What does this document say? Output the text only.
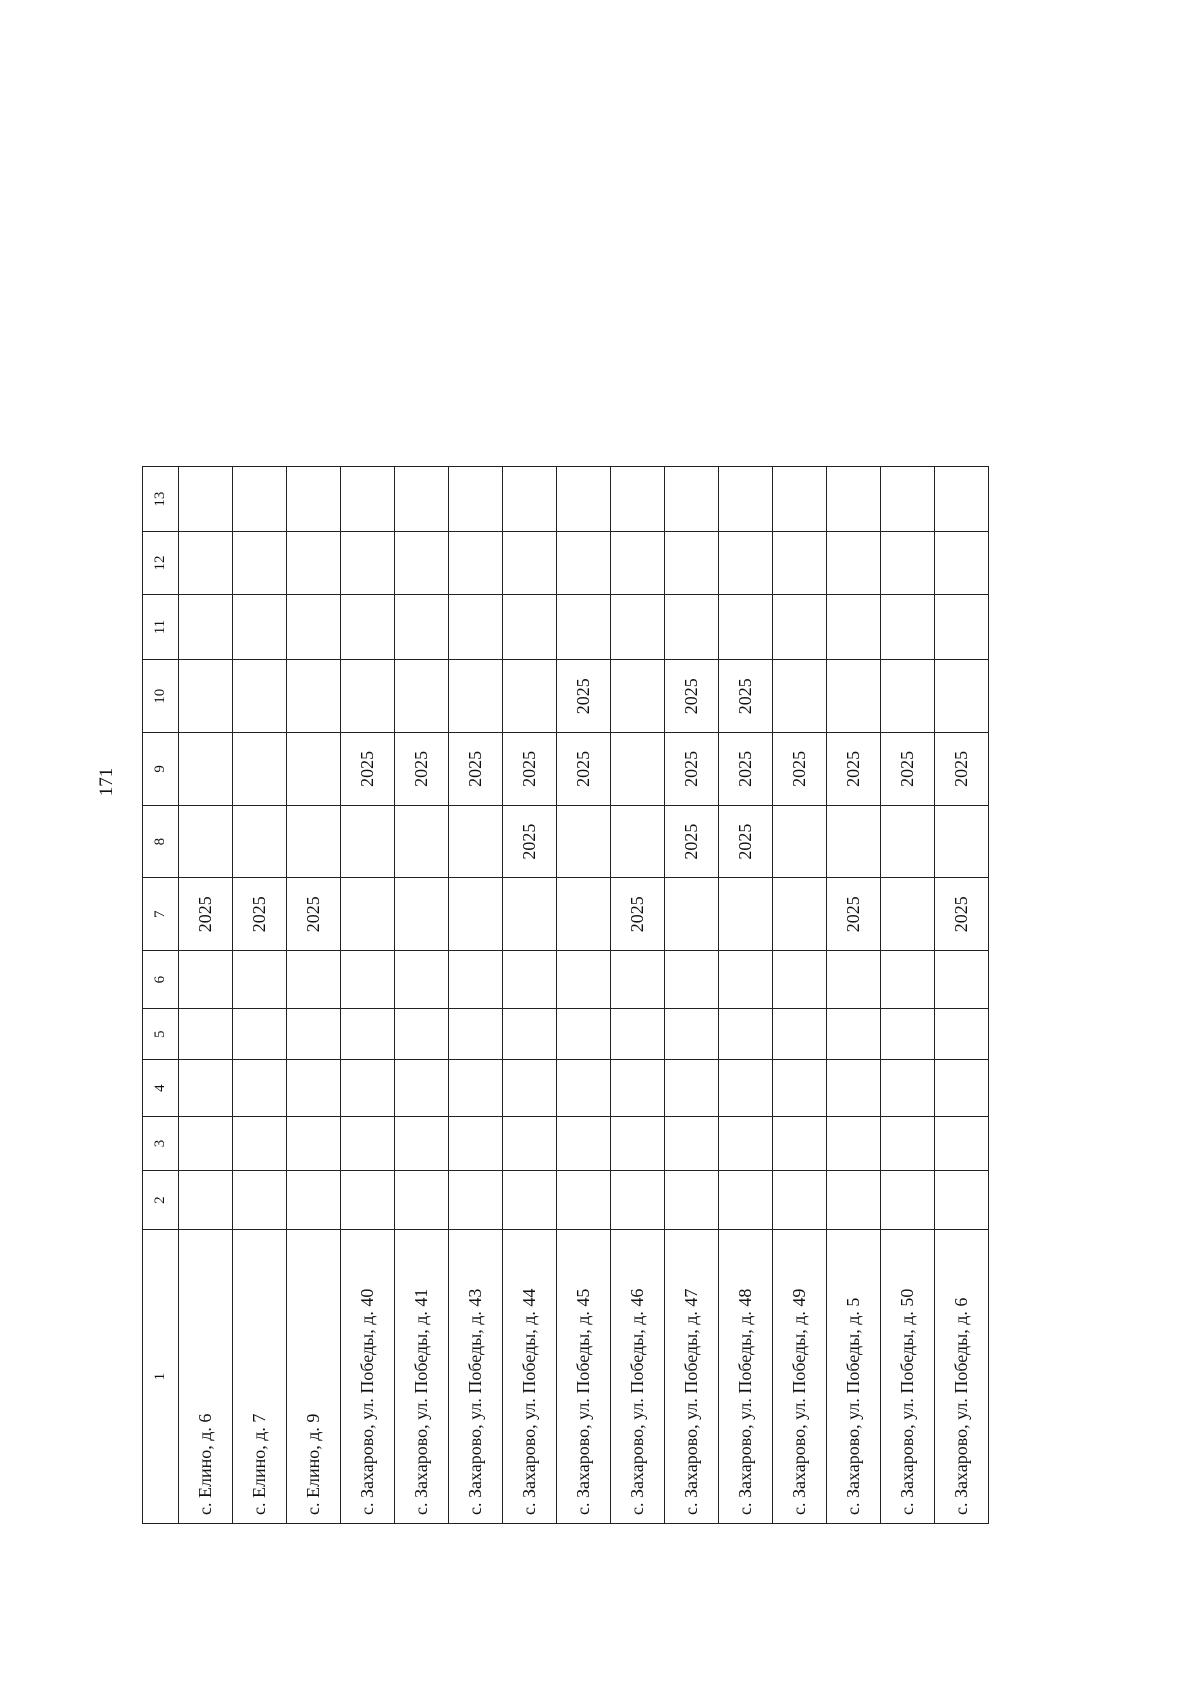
171
1	2	3	4	5	6	7	8	9	10	11	12	13
с. Елино, д. 6						2025						
с. Елино, д. 7						2025						
с. Елино, д. 9						2025						
с. Захарово, ул. Победы, д. 40								2025				
с. Захарово, ул. Победы, д. 41								2025				
с. Захарово, ул. Победы, д. 43								2025				
с. Захарово, ул. Победы, д. 44							2025	2025				
с. Захарово, ул. Победы, д. 45								2025	2025			
с. Захарово, ул. Победы, д. 46						2025						
с. Захарово, ул. Победы, д. 47							2025	2025	2025			
с. Захарово, ул. Победы, д. 48							2025	2025	2025			
с. Захарово, ул. Победы, д. 49								2025				
с. Захарово, ул. Победы, д. 5						2025		2025				
с. Захарово, ул. Победы, д. 50								2025				
с. Захарово, ул. Победы, д. 6						2025		2025				
